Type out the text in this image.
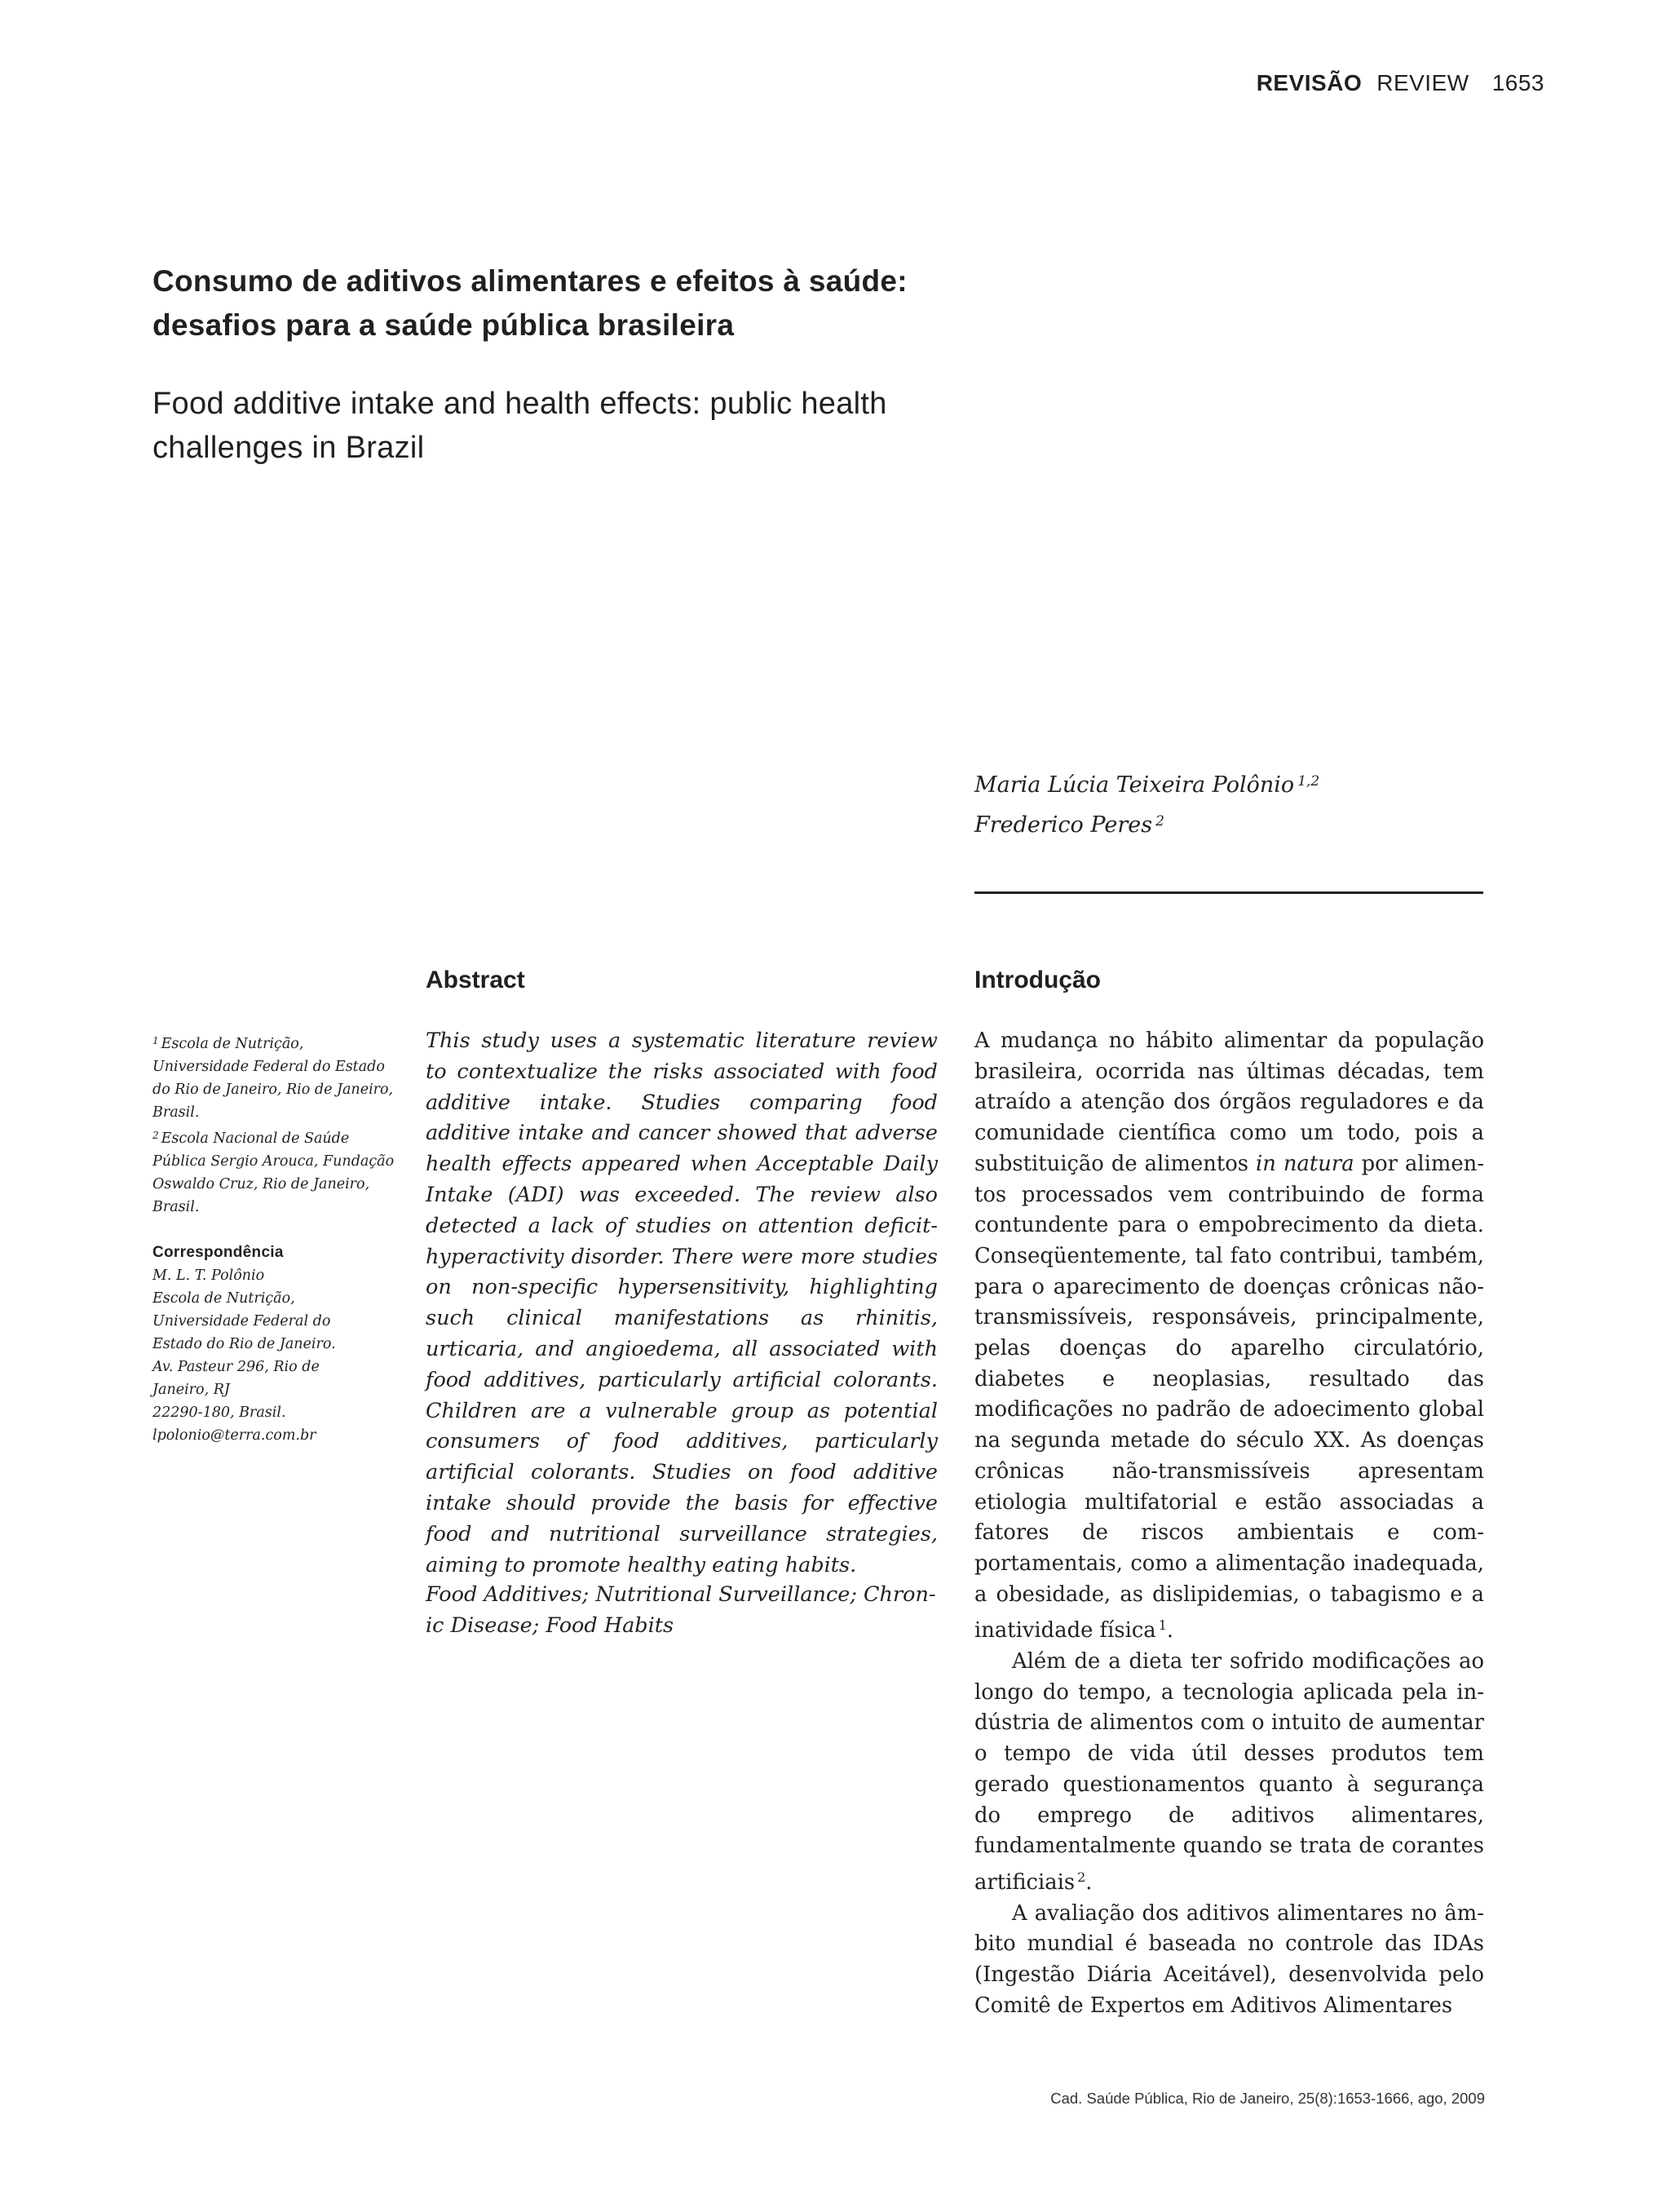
REVISÃO REVIEW 1653
Consumo de aditivos alimentares e efeitos à saúde: desafios para a saúde pública brasileira
Food additive intake and health effects: public health challenges in Brazil
Maria Lúcia Teixeira Polônio $^{1,2}$
Frederico Peres $^2$
Abstract	Introdução

$^1$ Escola de Nutrição, Universidade Federal do Estado do Rio de Janeiro, Rio de Janeiro, Brasil.

$^2$ Escola Nacional de Saúde Pública Sergio Arouca, Fundação Oswaldo Cruz, Rio de Janeiro, Brasil.

Correspondência

M. L. T. Polônio

Escola de Nutrição,

Universidade Federal do

Estado do Rio de Janeiro.

Av. Pasteur 296, Rio de

Janeiro, RJ

22290-180, Brasil.

lpolonio@terra.com.br

This study uses a systematic literature review to contextualize the risks associated with food additive intake. Studies comparing food additive intake and cancer showed that adverse health effects appeared when Acceptable Daily Intake (ADI) was exceeded. The review also detected a lack of studies on attention deficit-hyperactivity disorder. There were more studies on non-specific hypersensitivity, highlighting such clinical manifestations as rhinitis, urticaria, and angioedema, all associated with food additives, particularly artificial colorants. Children are a vulnerable group as potential consumers of food additives, particularly artificial colorants. Studies on food additive intake should provide the basis for effective food and nutritional surveillance strategies, aiming to promote healthy eating habits.

Food Additives; Nutritional Surveillance; Chronic Disease; Food Habits

A mudança no hábito alimentar da população brasileira, ocorrida nas últimas décadas, tem atraído a atenção dos órgãos reguladores e da comunidade científica como um todo, pois a substituição de alimentos in natura por alimentos processados vem contribuindo de forma contundente para o empobrecimento da dieta. Conseqüentemente, tal fato contribui, também, para o aparecimento de doenças crônicas não-transmissíveis, responsáveis, principalmente, pelas doenças do aparelho circulatório, diabetes e neoplasias, resultado das modificações no padrão de adoecimento global na segunda metade do século XX. As doenças crônicas não-transmissíveis apresentam etiologia multifatorial e estão associadas a fatores de riscos ambientais e comportamentais, como a alimentação inadequada, a obesidade, as dislipidemias, o tabagismo e a inatividade física $^1$.

Além de a dieta ter sofrido modificações ao longo do tempo, a tecnologia aplicada pela indústria de alimentos com o intuito de aumentar o tempo de vida útil desses produtos tem gerado questionamentos quanto à segurança do emprego de aditivos alimentares, fundamentalmente quando se trata de corantes artificiais $^2$.

A avaliação dos aditivos alimentares no âmbito mundial é baseada no controle das IDAs (Ingestão Diária Aceitável), desenvolvida pelo Comitê de Expertos em Aditivos Alimentares

Cad. Saúde Pública, Rio de Janeiro, 25(8):1653-1666, ago, 2009
